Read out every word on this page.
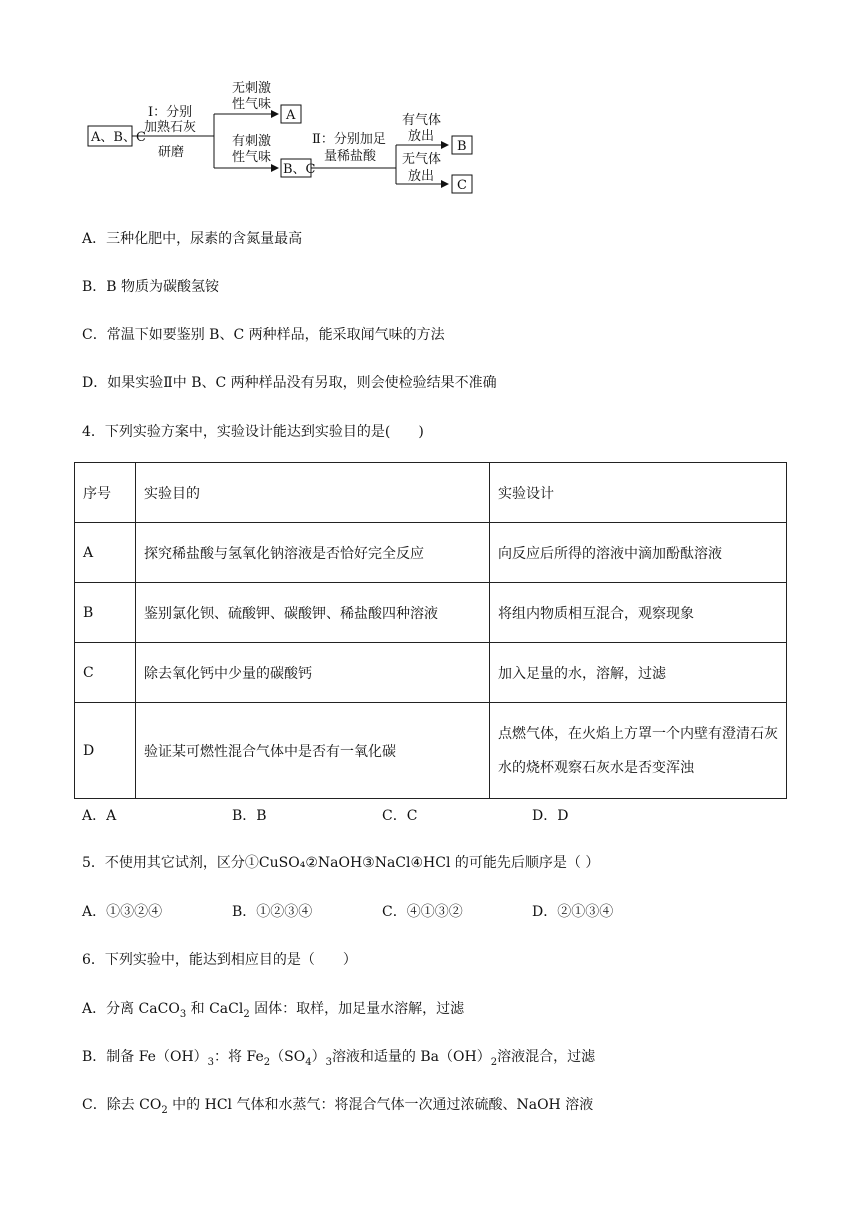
A、B、C
Ⅰ：分别
加熟石灰
研磨
无刺激
性气味
A
有刺激
性气味
B、C
Ⅱ：分别加足
量稀盐酸
有气体
放出
B
无气体
放出
C
A．三种化肥中，尿素的含氮量最高
B．B 物质为碳酸氢铵
C．常温下如要鉴别 B、C 两种样品，能采取闻气味的方法
D．如果实验Ⅱ中 B、C 两种样品没有另取，则会使检验结果不准确
4．下列实验方案中，实验设计能达到实验目的是(　　)
序号	实验目的	实验设计
A	探究稀盐酸与氢氧化钠溶液是否恰好完全反应	向反应后所得的溶液中滴加酚酞溶液
B	鉴别氯化钡、硫酸钾、碳酸钾、稀盐酸四种溶液	将组内物质相互混合，观察现象
C	除去氧化钙中少量的碳酸钙	加入足量的水，溶解，过滤
D	验证某可燃性混合气体中是否有一氧化碳	点燃气体，在火焰上方罩一个内壁有澄清石灰水的烧杯观察石灰水是否变浑浊
A．A	B．B	C．C	D．D
5．不使用其它试剂，区分①CuSO₄②NaOH③NaCl④HCl 的可能先后顺序是（ ）
A．①③②④	B．①②③④	C．④①③②	D．②①③④
6．下列实验中，能达到相应目的是（　　）
A．分离 CaCO$_3$ 和 CaCl$_2$ 固体：取样，加足量水溶解，过滤
B．制备 $Fe(OH)_3$：将 $Fe_2(SO_4)_3$溶液和适量的 $Ba(OH)_2$溶液混合，过滤
C．除去 $CO_2$ 中的 HCl 气体和水蒸气：将混合气体一次通过浓硫酸、NaOH 溶液
